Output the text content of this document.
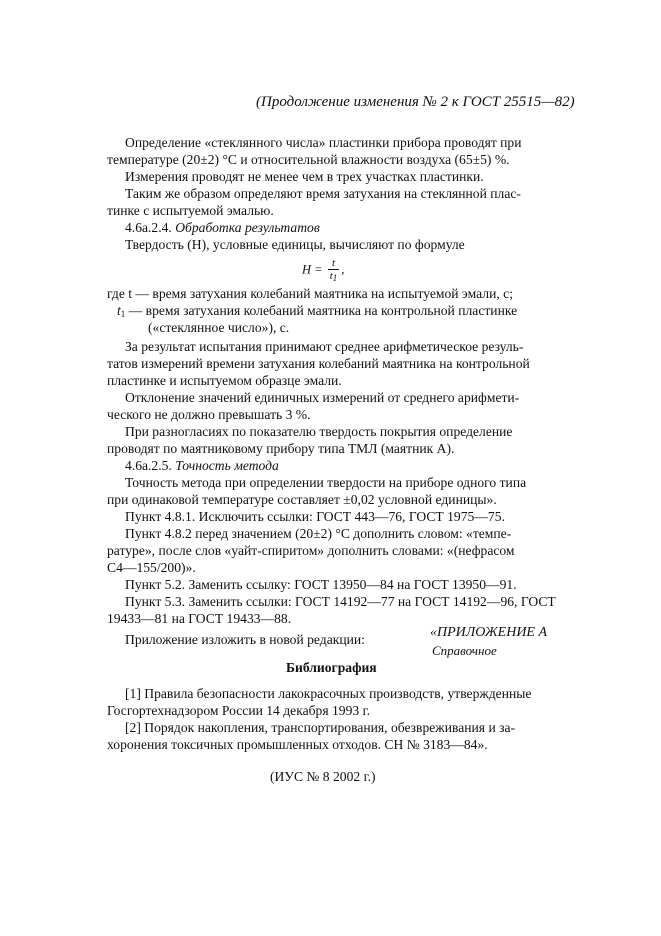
(Продолжение изменения № 2 к ГОСТ 25515—82)
Определение «стеклянного числа» пластинки прибора проводят при
температуре (20±2) °С и относительной влажности воздуха (65±5) %.
Измерения проводят не менее чем в трех участках пластинки.
Таким же образом определяют время затухания на стеклянной плас-
тинке с испытуемой эмалью.
4.6а.2.4. Обработка результатов
Твердость (Н), условные единицы, вычисляют по формуле
$H = \frac{t}{t_1}$ ,
где t — время затухания колебаний маятника на испытуемой эмали, с;
$t_1$ — время затухания колебаний маятника на контрольной пластинке
(«стеклянное число»), с.
За результат испытания принимают среднее арифметическое резуль-
татов измерений времени затухания колебаний маятника на контрольной
пластинке и испытуемом образце эмали.
Отклонение значений единичных измерений от среднего арифмети-
ческого не должно превышать 3 %.
При разногласиях по показателю твердость покрытия определение
проводят по маятниковому прибору типа ТМЛ (маятник А).
4.6а.2.5. Точность метода
Точность метода при определении твердости на приборе одного типа
при одинаковой температуре составляет ±0,02 условной единицы».
Пункт 4.8.1. Исключить ссылки: ГОСТ 443—76, ГОСТ 1975—75.
Пункт 4.8.2 перед значением (20±2) °С дополнить словом: «темпе-
ратуре», после слов «уайт-спиритом» дополнить словами: «(нефрасом
С4—155/200)».
Пункт 5.2. Заменить ссылку: ГОСТ 13950—84 на ГОСТ 13950—91.
Пункт 5.3. Заменить ссылки: ГОСТ 14192—77 на ГОСТ 14192—96, ГОСТ
19433—81 на ГОСТ 19433—88.
Приложение изложить в новой редакции:	«ПРИЛОЖЕНИЕ А
Справочное
Библиография
[1] Правила безопасности лакокрасочных производств, утвержденные
Госгортехнадзором России 14 декабря 1993 г.
[2] Порядок накопления, транспортирования, обезвреживания и за-
хоронения токсичных промышленных отходов. СН № 3183—84».
(ИУС № 8 2002 г.)
